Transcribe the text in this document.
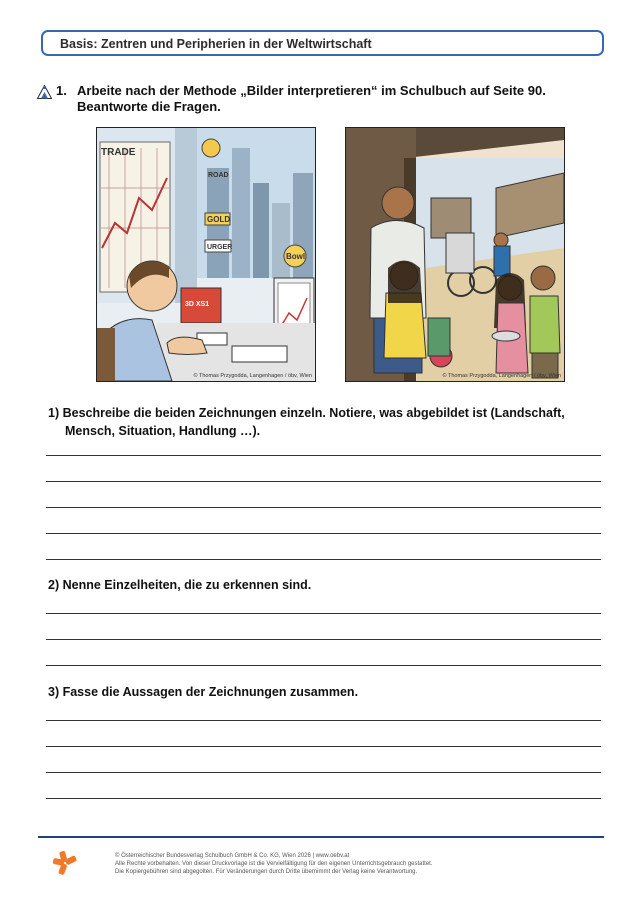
Basis: Zentren und Peripherien in der Weltwirtschaft
1. Arbeite nach der Methode „Bilder interpretieren“ im Schulbuch auf Seite 90.
Beantworte die Fragen.
TRADE
ROAD
GOLD
URGER
Bowl
3D XS1
© Thomas Przygodda, Langenhagen / öbv, Wien	© Thomas Przygodda, Langenhagen / öbv, Wien
1) Beschreibe die beiden Zeichnungen einzeln. Notiere, was abgebildet ist (Landschaft,
Mensch, Situation, Handlung …).
2) Nenne Einzelheiten, die zu erkennen sind.
3) Fasse die Aussagen der Zeichnungen zusammen.
© Österreichischer Bundesverlag Schulbuch GmbH & Co. KG, Wien 2026 | www.oebv.at
Alle Rechte vorbehalten. Von dieser Druckvorlage ist die Vervielfältigung für den eigenen Unterrichtsgebrauch gestattet.
Die Kopiergebühren sind abgegolten. Für Veränderungen durch Dritte übernimmt der Verlag keine Verantwortung.
